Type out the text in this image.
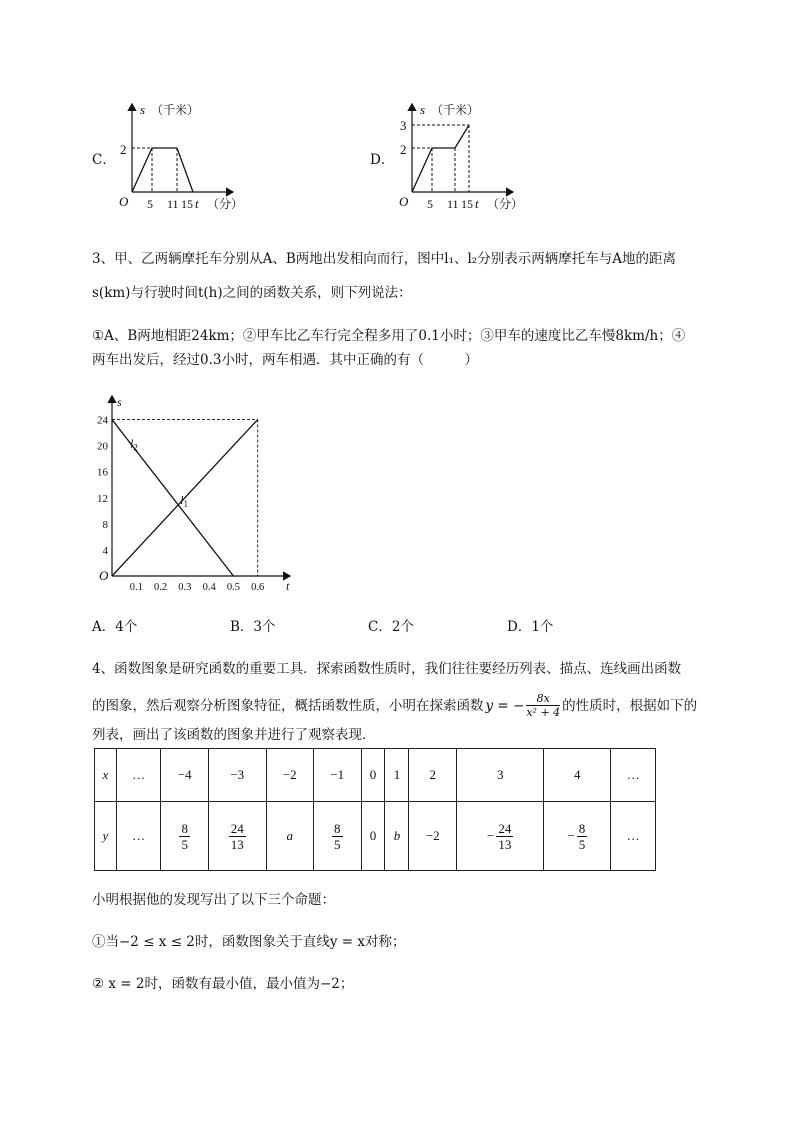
C．
s （千米）
2
O 5 11 15 t （分）
D．
s （千米）
3
2
O 5 11 15 t （分）
3、甲、乙两辆摩托车分别从A、B两地出发相向而行，图中l₁、l₂分别表示两辆摩托车与A地的距离
s(km)与行驶时间t(h)之间的函数关系，则下列说法：
①A、B两地相距24km；②甲车比乙车行完全程多用了0.1小时；③甲车的速度比乙车慢8km/h；④
两车出发后，经过0.3小时，两车相遇．其中正确的有（　　　）
s
t
O
0.1 0.2 0.3 0.4 0.5 0.6
4
8
12
16
20
24
$l_1$
$l_2$
A．4个	B．3个	C．2个	D．1个
4、函数图象是研究函数的重要工具．探索函数性质时，我们往往要经历列表、描点、连线画出函数
的图象，然后观察分析图象特征，概括函数性质，小明在探索函数 y = − $\frac{8x}{\text{x² + 4}}$ 的性质时，根据如下的
列表，画出了该函数的图象并进行了观察表现．
x	…	−4	−3	−2	−1	0	1	2	3	4	…
y	…	$\frac{8}{5}$	$\frac{24}{13}$	a	$\frac{8}{5}$	0	b	−2	− $\frac{24}{13}$	− $\frac{8}{5}$	…
小明根据他的发现写出了以下三个命题：
①当−2 ≤ x ≤ 2时，函数图象关于直线y = x对称；
② x = 2时，函数有最小值，最小值为−2；
